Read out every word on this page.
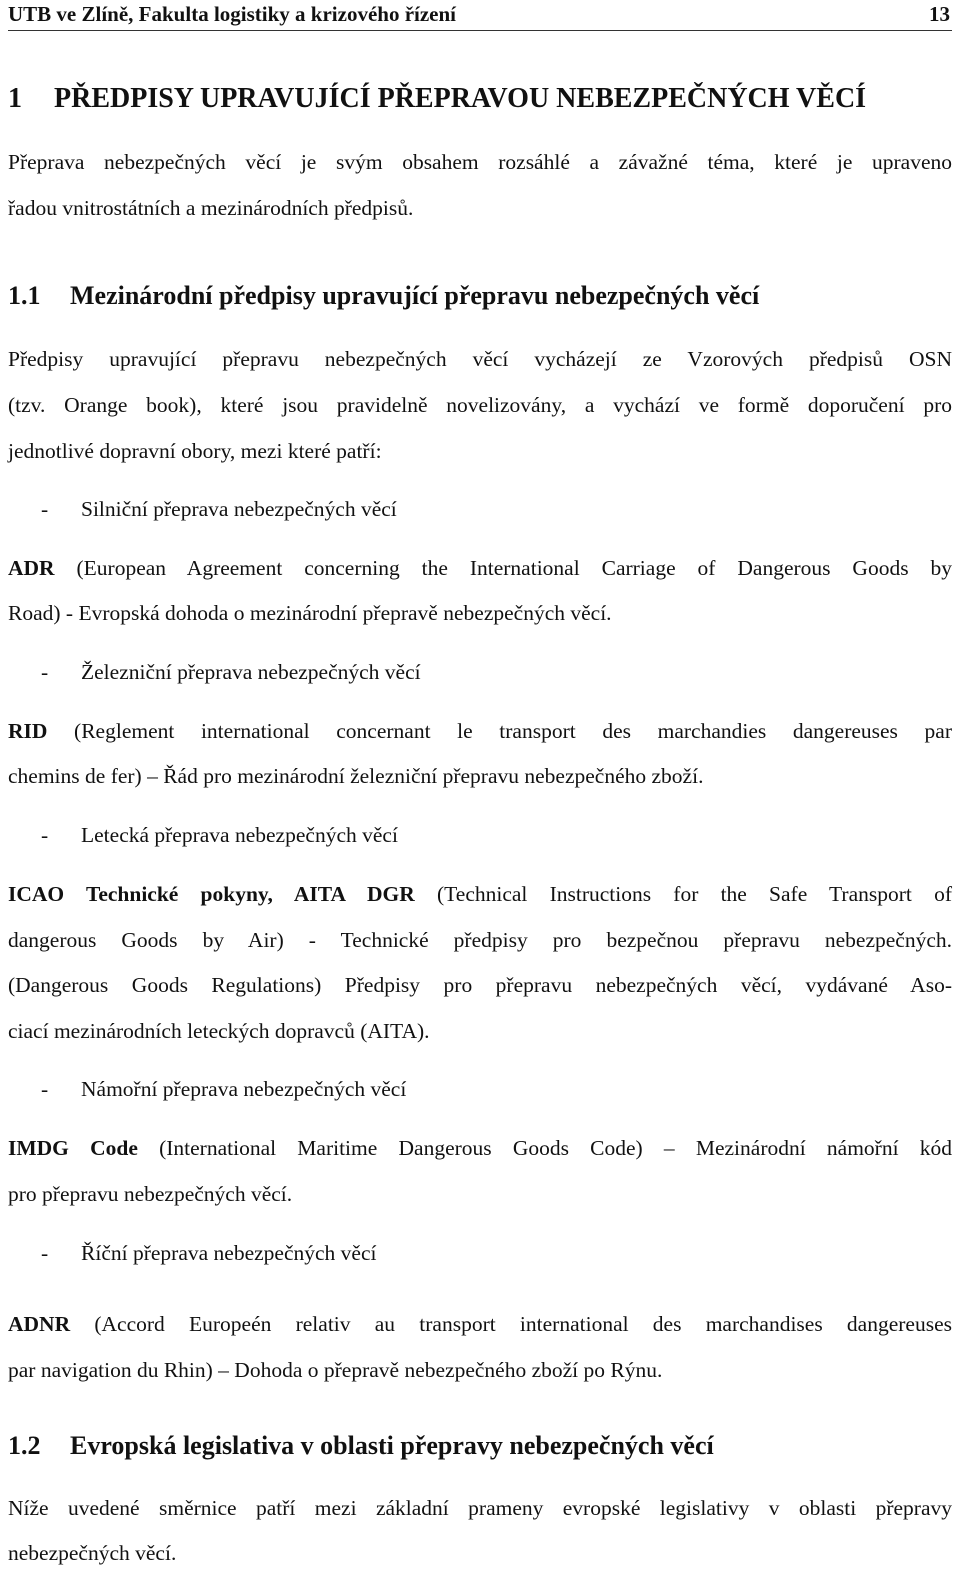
UTB ve Zlíně, Fakulta logistiky a krizového řízení	13
1 PŘEDPISY UPRAVUJÍCÍ PŘEPRAVOU NEBEZPEČNÝCH VĚCÍ
Přeprava nebezpečných věcí je svým obsahem rozsáhlé a závažné téma, které je upraveno
řadou vnitrostátních a mezinárodních předpisů.
1.1 Mezinárodní předpisy upravující přepravu nebezpečných věcí
Předpisy upravující přepravu nebezpečných věcí vycházejí ze Vzorových předpisů OSN
(tzv. Orange book), které jsou pravidelně novelizovány, a vychází ve formě doporučení pro
jednotlivé dopravní obory, mezi které patří:
- Silniční přeprava nebezpečných věcí
ADR (European Agreement concerning the International Carriage of Dangerous Goods by
Road) - Evropská dohoda o mezinárodní přepravě nebezpečných věcí.
- Železniční přeprava nebezpečných věcí
RID (Reglement international concernant le transport des marchandies dangereuses par
chemins de fer) – Řád pro mezinárodní železniční přepravu nebezpečného zboží.
- Letecká přeprava nebezpečných věcí
ICAO Technické pokyny, AITA DGR (Technical Instructions for the Safe Transport of
dangerous Goods by Air) - Technické předpisy pro bezpečnou přepravu nebezpečných.
(Dangerous Goods Regulations) Předpisy pro přepravu nebezpečných věcí, vydávané Aso-
ciací mezinárodních leteckých dopravců (AITA).
- Námořní přeprava nebezpečných věcí
IMDG Code (International Maritime Dangerous Goods Code) – Mezinárodní námořní kód
pro přepravu nebezpečných věcí.
- Říční přeprava nebezpečných věcí
ADNR (Accord Europeén relativ au transport international des marchandises dangereuses
par navigation du Rhin) – Dohoda o přepravě nebezpečného zboží po Rýnu.
1.2 Evropská legislativa v oblasti přepravy nebezpečných věcí
Níže uvedené směrnice patří mezi základní prameny evropské legislativy v oblasti přepravy
nebezpečných věcí.
